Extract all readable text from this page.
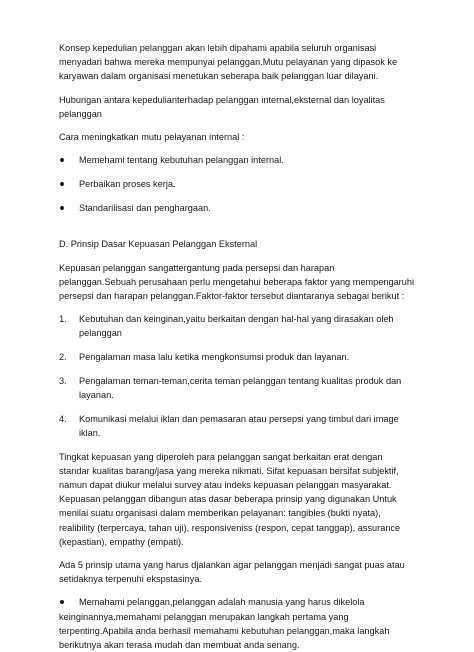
Konsep kepedulian pelanggan akan lebih dipahami apabila seluruh organisasi menyadari bahwa mereka mempunyai pelanggan.Mutu pelayanan yang dipasok ke karyawan dalam organisasi menetukan seberapa baik pelanggan luar dilayani.

Hubungan antara kepedulianterhadap pelanggan internal,eksternal dan loyalitas pelanggan

Cara meningkatkan mutu pelayanan internal :

Memehami tentang kebutuhan pelanggan internal.
Perbaikan proses kerja.
Standarilisasi dan penghargaan.

D. Prinsip Dasar Kepuasan Pelanggan Eksternal

Kepuasan pelanggan sangattergantung pada persepsi dan harapan pelanggan.Sebuah perusahaan perlu mengetahui beberapa faktor yang mempengaruhi persepsi dan harapan pelanggan.Faktor-faktor tersebut diantaranya sebagai berikut :

1. Kebutuhan dan keinginan,yaitu berkaitan dengan hal-hal yang dirasakan oleh pelanggan
2. Pengalaman masa lalu ketika mengkonsumsi produk dan layanan.
3. Pengalaman teman-teman,cerita teman pelanggan tentang kualitas produk dan layanan.
4. Komunikasi melalui iklan dan pemasaran atau persepsi yang timbul dari image iklan.

Tingkat kepuasan yang diperoleh para pelanggan sangat berkaitan erat dengan standar kualitas barang/jasa yang mereka nikmati. Sifat kepuasan bersifat subjektif, namun dapat diukur melalui survey atau indeks kepuasan pelanggan masyarakat. Kepuasan pelanggan dibangun atas dasar beberapa prinsip yang digunakan Untuk menilai suatu organisasi dalam memberikan pelayanan: tangibles (bukti nyata), realibility (terpercaya, tahan uji), responsiveniss (respon, cepat tanggap), assurance (kepastian), empathy (empati).

Ada 5 prinsip utama yang harus djalankan agar pelanggan menjadi sangat puas atau setidaknya terpenuhi ekspstasinya.

Memahami pelanggan,pelanggan adalah manusia yang harus dikelola

keinginannya.memahami pelanggan merupakan langkah pertama yang terpenting.Apabila anda berhasil memahami kebutuhan pelanggan,maka langkah berikutnya akan terasa mudah dan membuat anda senang.
